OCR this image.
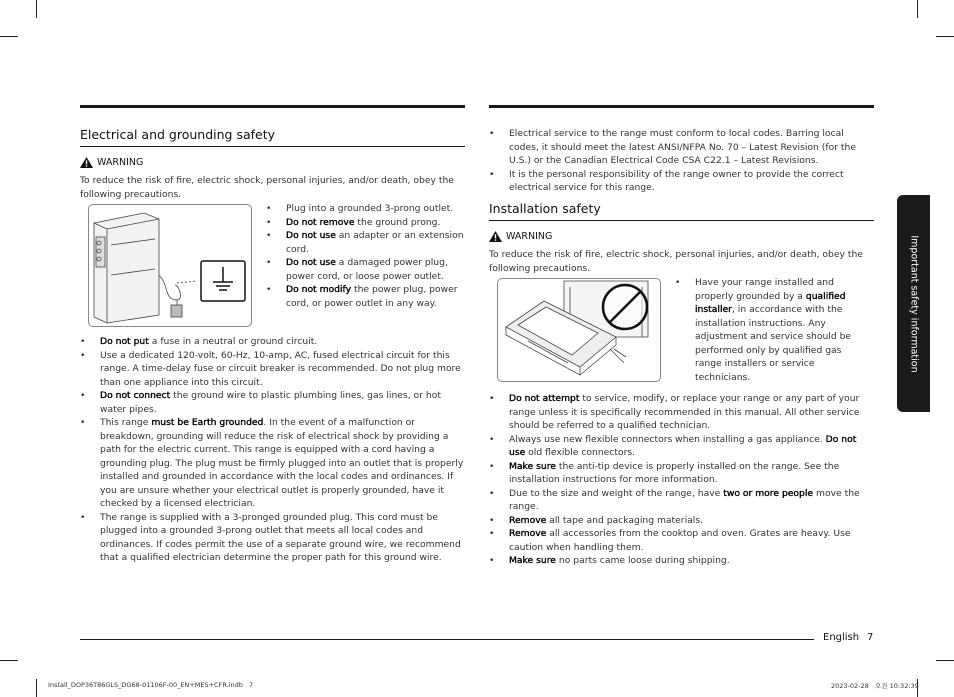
Electrical and grounding safety
WARNING

To reduce the risk of fire, electric shock, personal injuries, and/or death, obey the following precautions.

• Plug into a grounded 3-prong outlet.
• Do not remove the ground prong.
• Do not use an adapter or an extension cord.
• Do not use a damaged power plug, power cord, or loose power outlet.
• Do not modify the power plug, power cord, or power outlet in any way.
• Do not put a fuse in a neutral or ground circuit.
• Use a dedicated 120-volt, 60-Hz, 10-amp, AC, fused electrical circuit for this range. A time-delay fuse or circuit breaker is recommended. Do not plug more than one appliance into this circuit.
• Do not connect the ground wire to plastic plumbing lines, gas lines, or hot water pipes.
• This range must be Earth grounded. In the event of a malfunction or breakdown, grounding will reduce the risk of electrical shock by providing a path for the electric current. This range is equipped with a cord having a grounding plug. The plug must be firmly plugged into an outlet that is properly installed and grounded in accordance with the local codes and ordinances. If you are unsure whether your electrical outlet is properly grounded, have it checked by a licensed electrician.
• The range is supplied with a 3-pronged grounded plug. This cord must be plugged into a grounded 3-prong outlet that meets all local codes and ordinances. If codes permit the use of a separate ground wire, we recommend that a qualified electrician determine the proper path for this ground wire.
• Electrical service to the range must conform to local codes. Barring local codes, it should meet the latest ANSI/NFPA No. 70 – Latest Revision (for the U.S.) or the Canadian Electrical Code CSA C22.1 – Latest Revisions.
• It is the personal responsibility of the range owner to provide the correct electrical service for this range.
Installation safety
WARNING

To reduce the risk of fire, electric shock, personal injuries, and/or death, obey the following precautions.

• Have your range installed and properly grounded by a qualified installer, in accordance with the installation instructions. Any adjustment and service should be performed only by qualified gas range installers or service technicians.
• Do not attempt to service, modify, or replace your range or any part of your range unless it is specifically recommended in this manual. All other service should be referred to a qualified technician.
• Always use new flexible connectors when installing a gas appliance. Do not use old flexible connectors.
• Make sure the anti-tip device is properly installed on the range. See the installation instructions for more information.
• Due to the size and weight of the range, have two or more people move the range.
• Remove all tape and packaging materials.
• Remove all accessories from the cooktop and oven. Grates are heavy. Use caution when handling them.
• Make sure no parts came loose during shipping.
Important safety information
English 7
Install_DOP36T86GLS_DG68-01106F-00_EN+MES+CFR.indb   7	2023-02-28   오전 10:32:39
